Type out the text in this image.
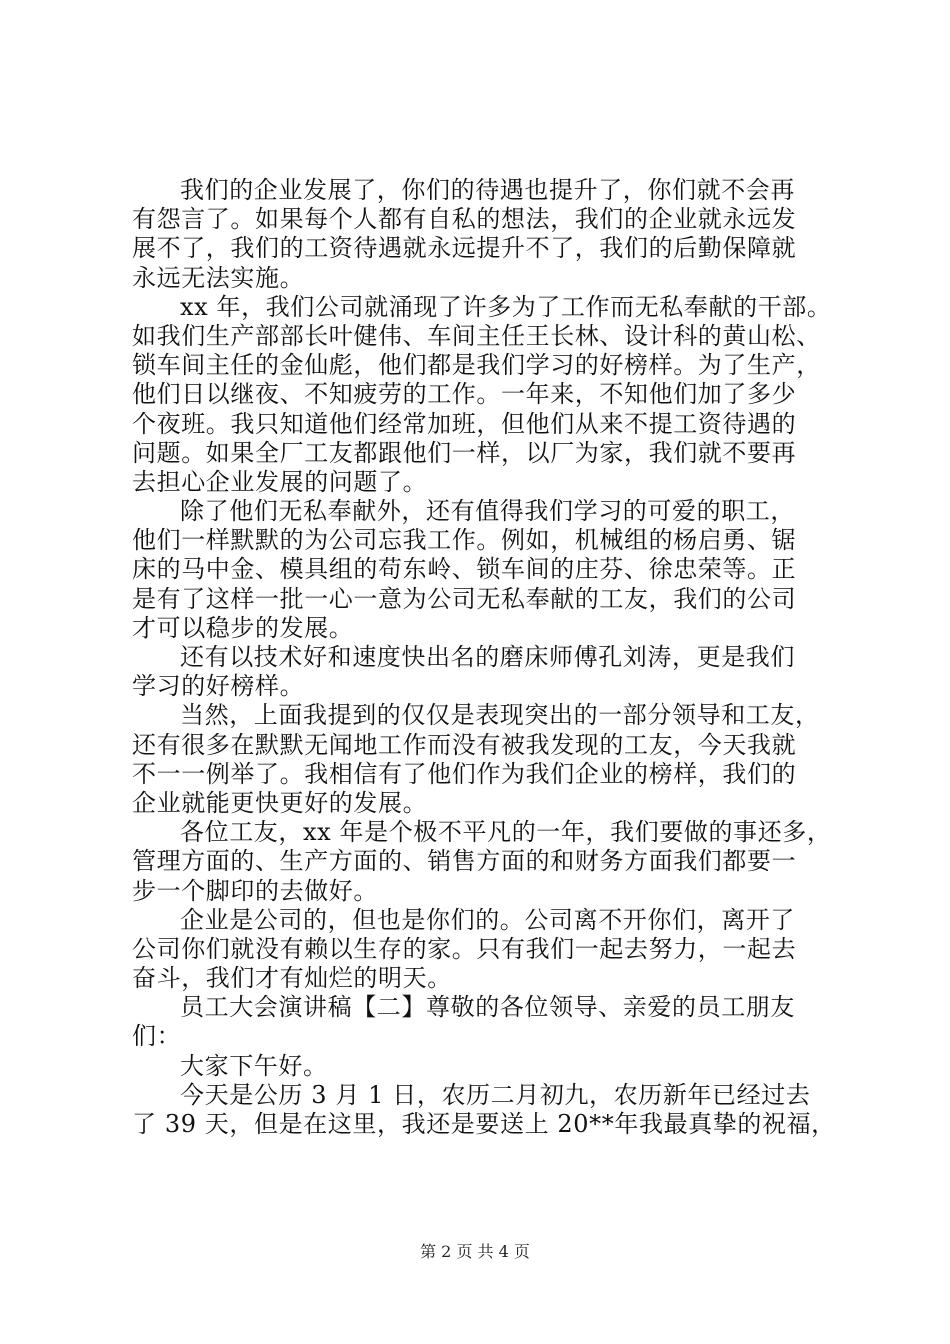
我们的企业发展了，你们的待遇也提升了，你们就不会再
有怨言了。如果每个人都有自私的想法，我们的企业就永远发
展不了，我们的工资待遇就永远提升不了，我们的后勤保障就
永远无法实施。
xx 年，我们公司就涌现了许多为了工作而无私奉献的干部。
如我们生产部部长叶健伟、车间主任王长林、设计科的黄山松、
锁车间主任的金仙彪，他们都是我们学习的好榜样。为了生产，
他们日以继夜、不知疲劳的工作。一年来，不知他们加了多少
个夜班。我只知道他们经常加班，但他们从来不提工资待遇的
问题。如果全厂工友都跟他们一样，以厂为家，我们就不要再
去担心企业发展的问题了。
除了他们无私奉献外，还有值得我们学习的可爱的职工，
他们一样默默的为公司忘我工作。例如，机械组的杨启勇、锯
床的马中金、模具组的苟东岭、锁车间的庄芬、徐忠荣等。正
是有了这样一批一心一意为公司无私奉献的工友，我们的公司
才可以稳步的发展。
还有以技术好和速度快出名的磨床师傅孔刘涛，更是我们
学习的好榜样。
当然，上面我提到的仅仅是表现突出的一部分领导和工友，
还有很多在默默无闻地工作而没有被我发现的工友，今天我就
不一一例举了。我相信有了他们作为我们企业的榜样，我们的
企业就能更快更好的发展。
各位工友，xx 年是个极不平凡的一年，我们要做的事还多，
管理方面的、生产方面的、销售方面的和财务方面我们都要一
步一个脚印的去做好。
企业是公司的，但也是你们的。公司离不开你们，离开了
公司你们就没有赖以生存的家。只有我们一起去努力，一起去
奋斗，我们才有灿烂的明天。
员工大会演讲稿【二】尊敬的各位领导、亲爱的员工朋友
们：
大家下午好。
今天是公历 3 月 1 日，农历二月初九，农历新年已经过去
了 39 天，但是在这里，我还是要送上 20**年我最真挚的祝福，
第 2 页 共 4 页
